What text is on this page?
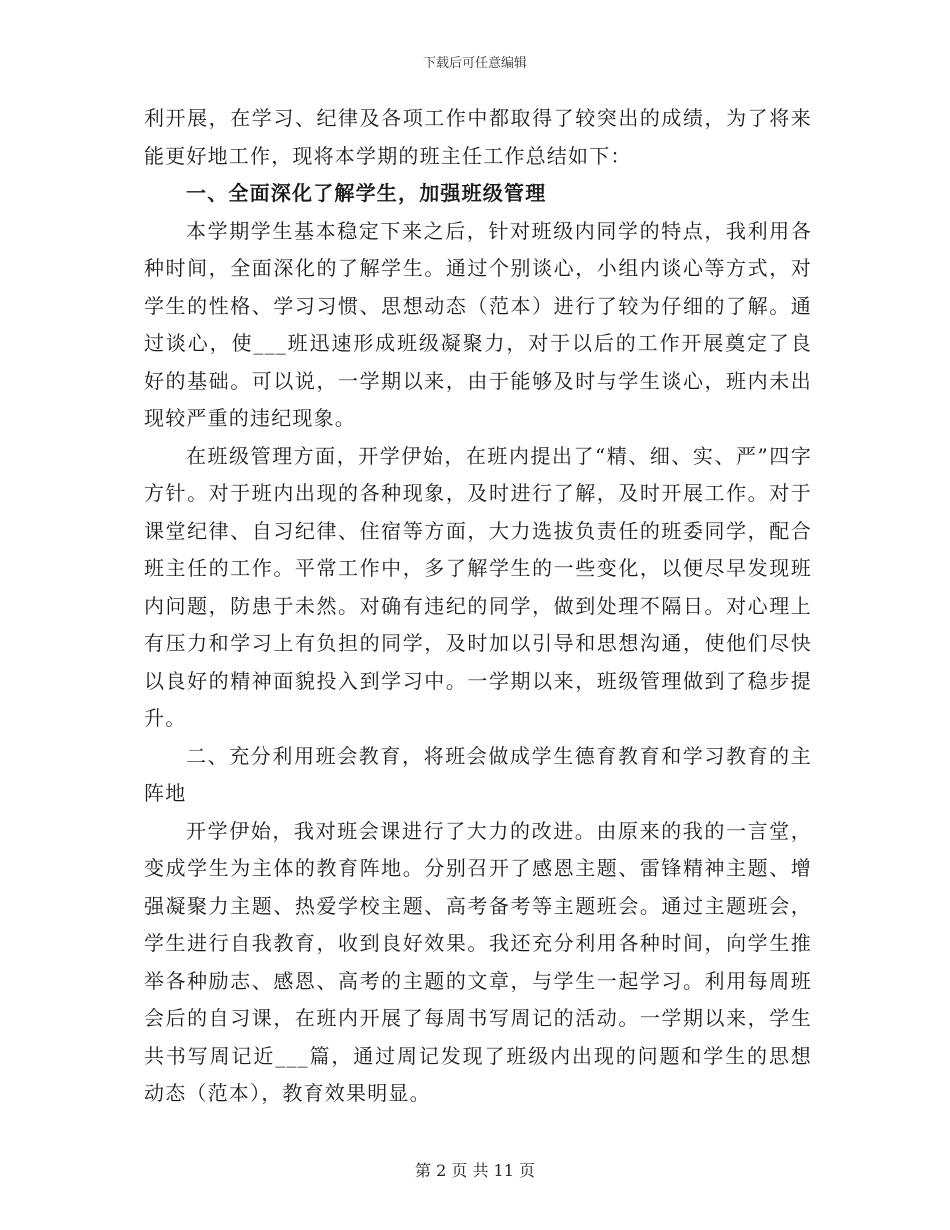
下载后可任意编辑

利开展，在学习、纪律及各项工作中都取得了较突出的成绩，为了将来能更好地工作，现将本学期的班主任工作总结如下：

一、全面深化了解学生，加强班级管理

本学期学生基本稳定下来之后，针对班级内同学的特点，我利用各种时间，全面深化的了解学生。通过个别谈心，小组内谈心等方式，对学生的性格、学习习惯、思想动态（范本）进行了较为仔细的了解。通过谈心，使___班迅速形成班级凝聚力，对于以后的工作开展奠定了良好的基础。可以说，一学期以来，由于能够及时与学生谈心，班内未出现较严重的违纪现象。

在班级管理方面，开学伊始，在班内提出了“精、细、实、严”四字方针。对于班内出现的各种现象，及时进行了解，及时开展工作。对于课堂纪律、自习纪律、住宿等方面，大力选拔负责任的班委同学，配合班主任的工作。平常工作中，多了解学生的一些变化，以便尽早发现班内问题，防患于未然。对确有违纪的同学，做到处理不隔日。对心理上有压力和学习上有负担的同学，及时加以引导和思想沟通，使他们尽快以良好的精神面貌投入到学习中。一学期以来，班级管理做到了稳步提升。

二、充分利用班会教育，将班会做成学生德育教育和学习教育的主阵地

开学伊始，我对班会课进行了大力的改进。由原来的我的一言堂，变成学生为主体的教育阵地。分别召开了感恩主题、雷锋精神主题、增强凝聚力主题、热爱学校主题、高考备考等主题班会。通过主题班会，学生进行自我教育，收到良好效果。我还充分利用各种时间，向学生推举各种励志、感恩、高考的主题的文章，与学生一起学习。利用每周班会后的自习课，在班内开展了每周书写周记的活动。一学期以来，学生共书写周记近___篇，通过周记发现了班级内出现的问题和学生的思想动态（范本），教育效果明显。

第 2 页 共 11 页
